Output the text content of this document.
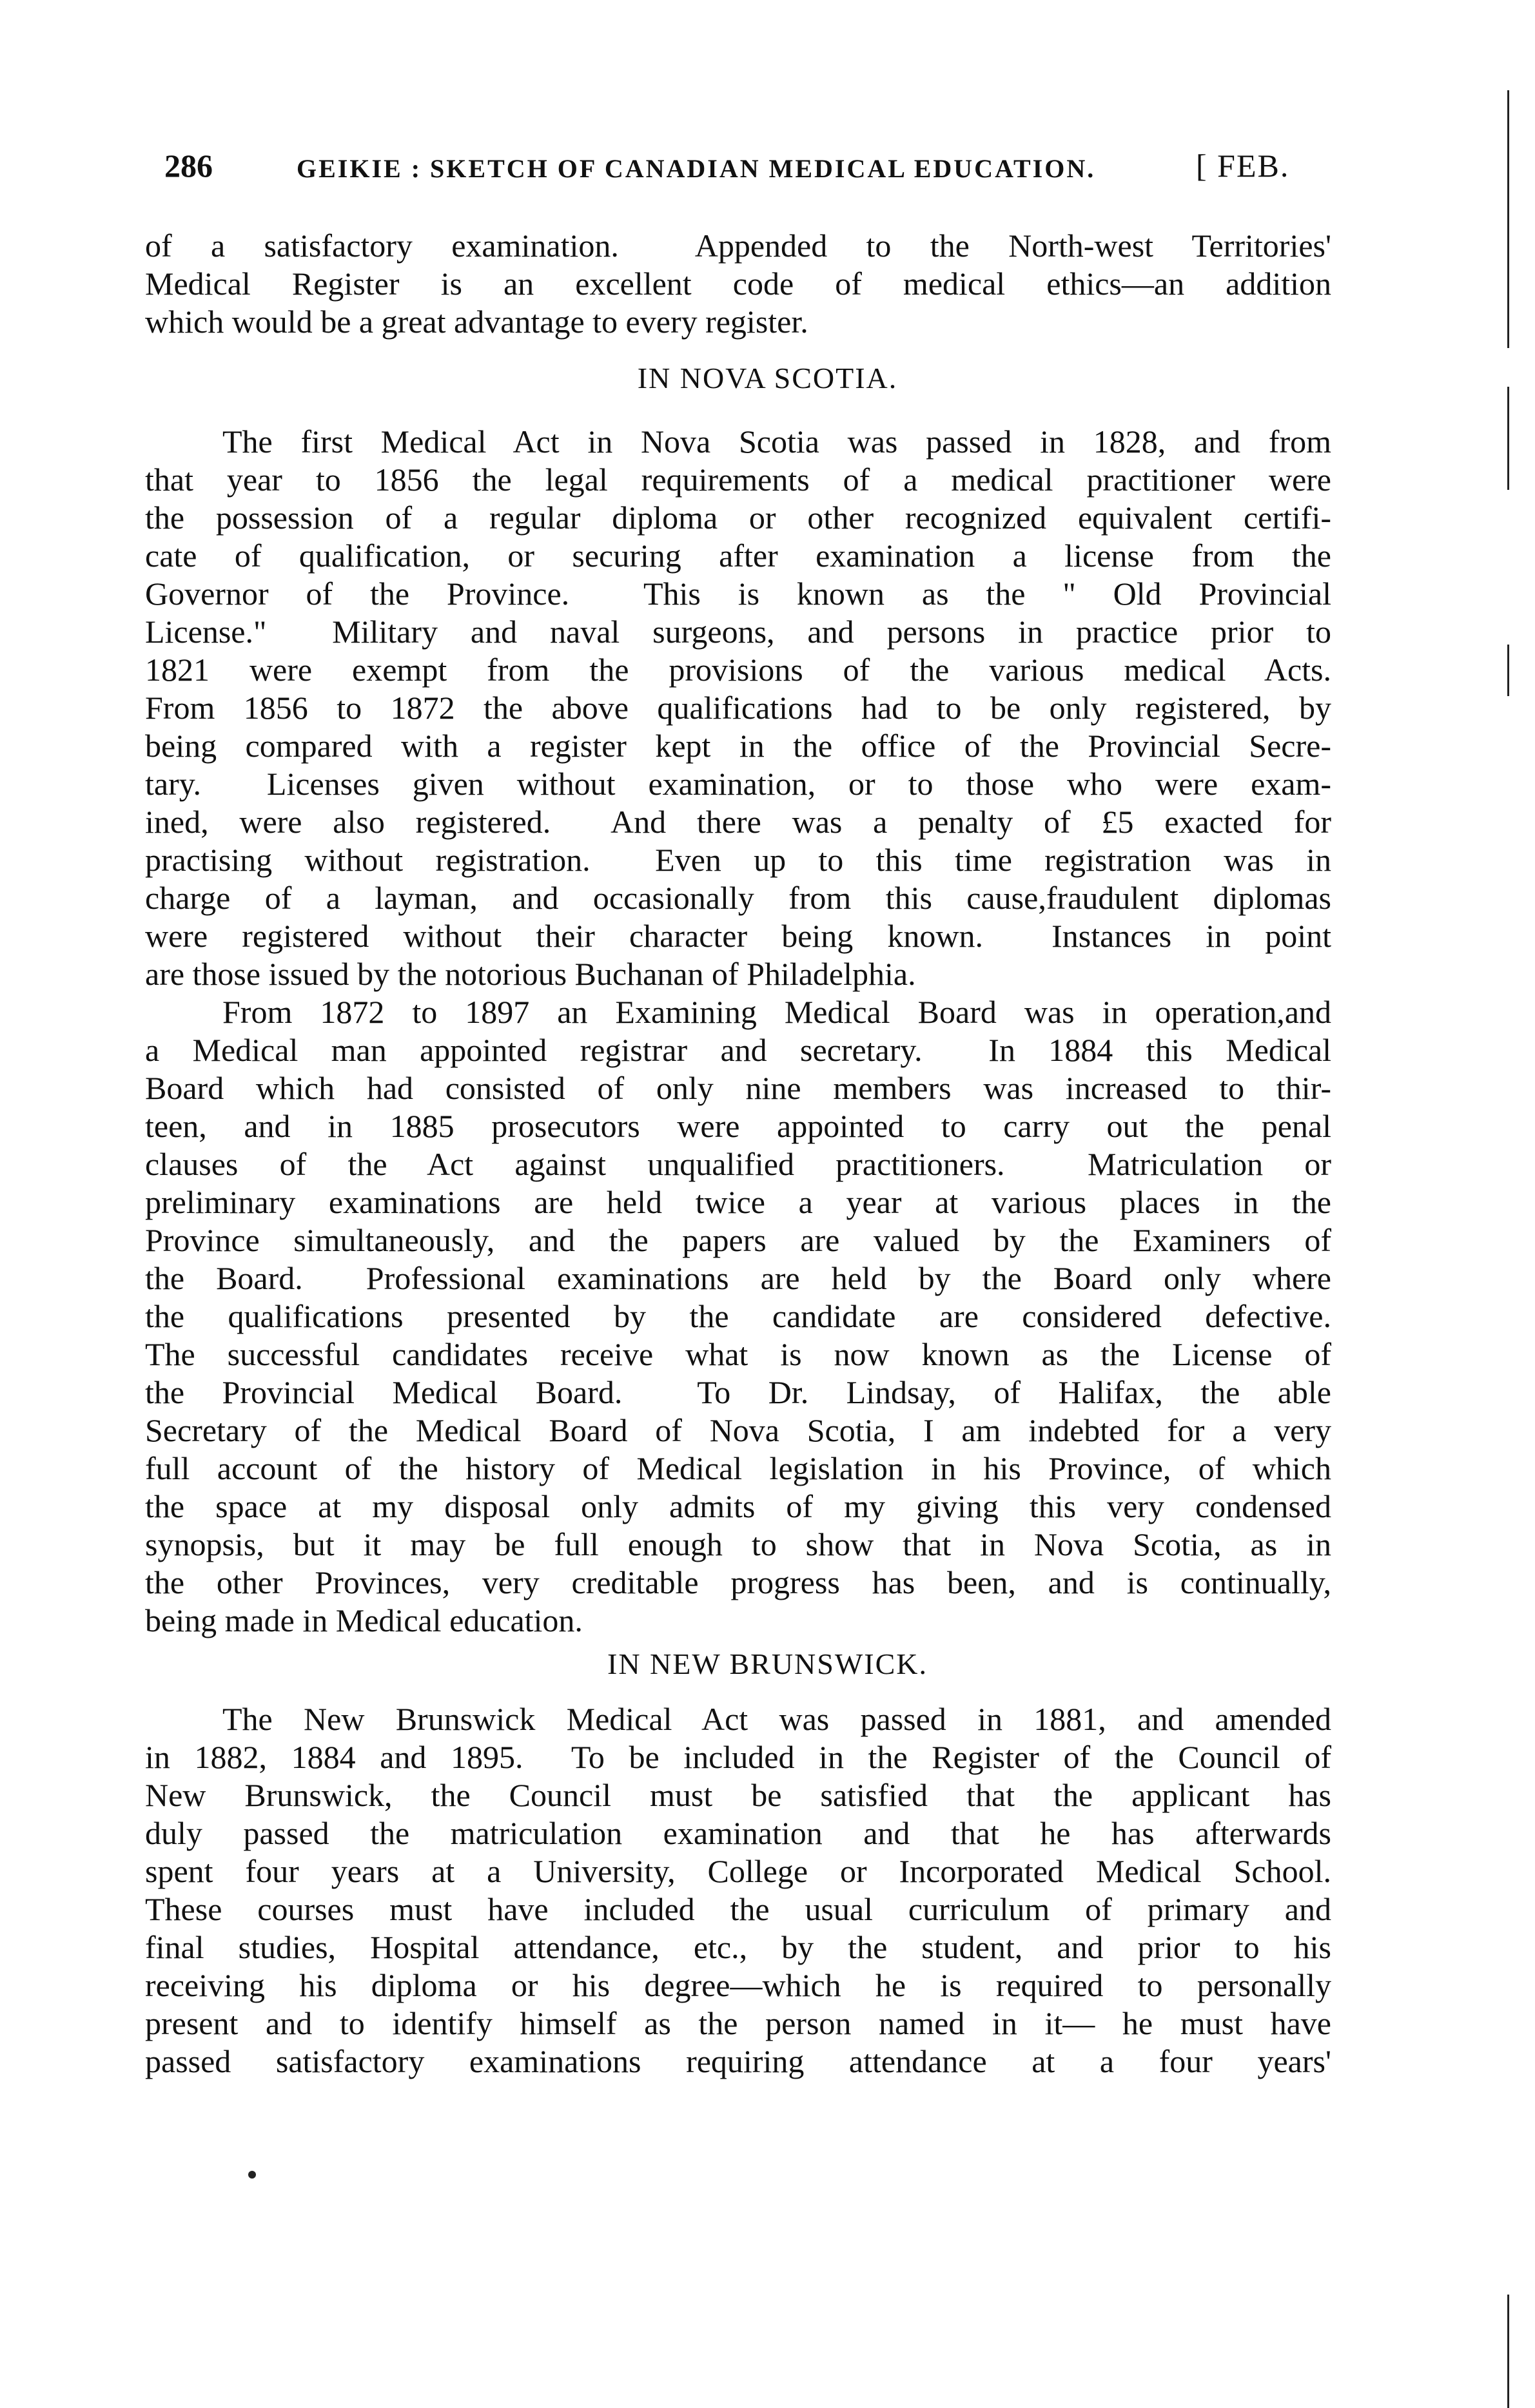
286	GEIKIE : SKETCH OF CANADIAN MEDICAL EDUCATION.	[ FEB.
of a satisfactory examination.  Appended to the North-west Territories'
Medical Register is an excellent code of medical ethics—an addition
which would be a great advantage to every register.
IN NOVA SCOTIA.
The first Medical Act in Nova Scotia was passed in 1828, and from
that year to 1856 the legal requirements of a medical practitioner were
the possession of a regular diploma or other recognized equivalent certifi-
cate of qualification, or securing after examination a license from the
Governor of the Province.  This is known as the " Old Provincial
License."  Military and naval surgeons, and persons in practice prior to
1821 were exempt from the provisions of the various medical Acts.
From 1856 to 1872 the above qualifications had to be only registered, by
being compared with a register kept in the office of the Provincial Secre-
tary.  Licenses given without examination, or to those who were exam-
ined, were also registered.  And there was a penalty of £5 exacted for
practising without registration.  Even up to this time registration was in
charge of a layman, and occasionally from this cause,fraudulent diplomas
were registered without their character being known.  Instances in point
are those issued by the notorious Buchanan of Philadelphia.
From 1872 to 1897 an Examining Medical Board was in operation,and
a Medical man appointed registrar and secretary.  In 1884 this Medical
Board which had consisted of only nine members was increased to thir-
teen, and in 1885 prosecutors were appointed to carry out the penal
clauses of the Act against unqualified practitioners.  Matriculation or
preliminary examinations are held twice a year at various places in the
Province simultaneously, and the papers are valued by the Examiners of
the Board.  Professional examinations are held by the Board only where
the qualifications presented by the candidate are considered defective.
The successful candidates receive what is now known as the License of
the Provincial Medical Board.  To Dr. Lindsay, of Halifax, the able
Secretary of the Medical Board of Nova Scotia, I am indebted for a very
full account of the history of Medical legislation in his Province, of which
the space at my disposal only admits of my giving this very condensed
synopsis, but it may be full enough to show that in Nova Scotia, as in
the other Provinces, very creditable progress has been, and is continually,
being made in Medical education.
IN NEW BRUNSWICK.
The New Brunswick Medical Act was passed in 1881, and amended
in 1882, 1884 and 1895.  To be included in the Register of the Council of
New Brunswick, the Council must be satisfied that the applicant has
duly passed the matriculation examination and that he has afterwards
spent four years at a University, College or Incorporated Medical School.
These courses must have included the usual curriculum of primary and
final studies, Hospital attendance, etc., by the student, and prior to his
receiving his diploma or his degree—which he is required to personally
present and to identify himself as the person named in it— he must have
passed satisfactory examinations requiring attendance at a four years'
